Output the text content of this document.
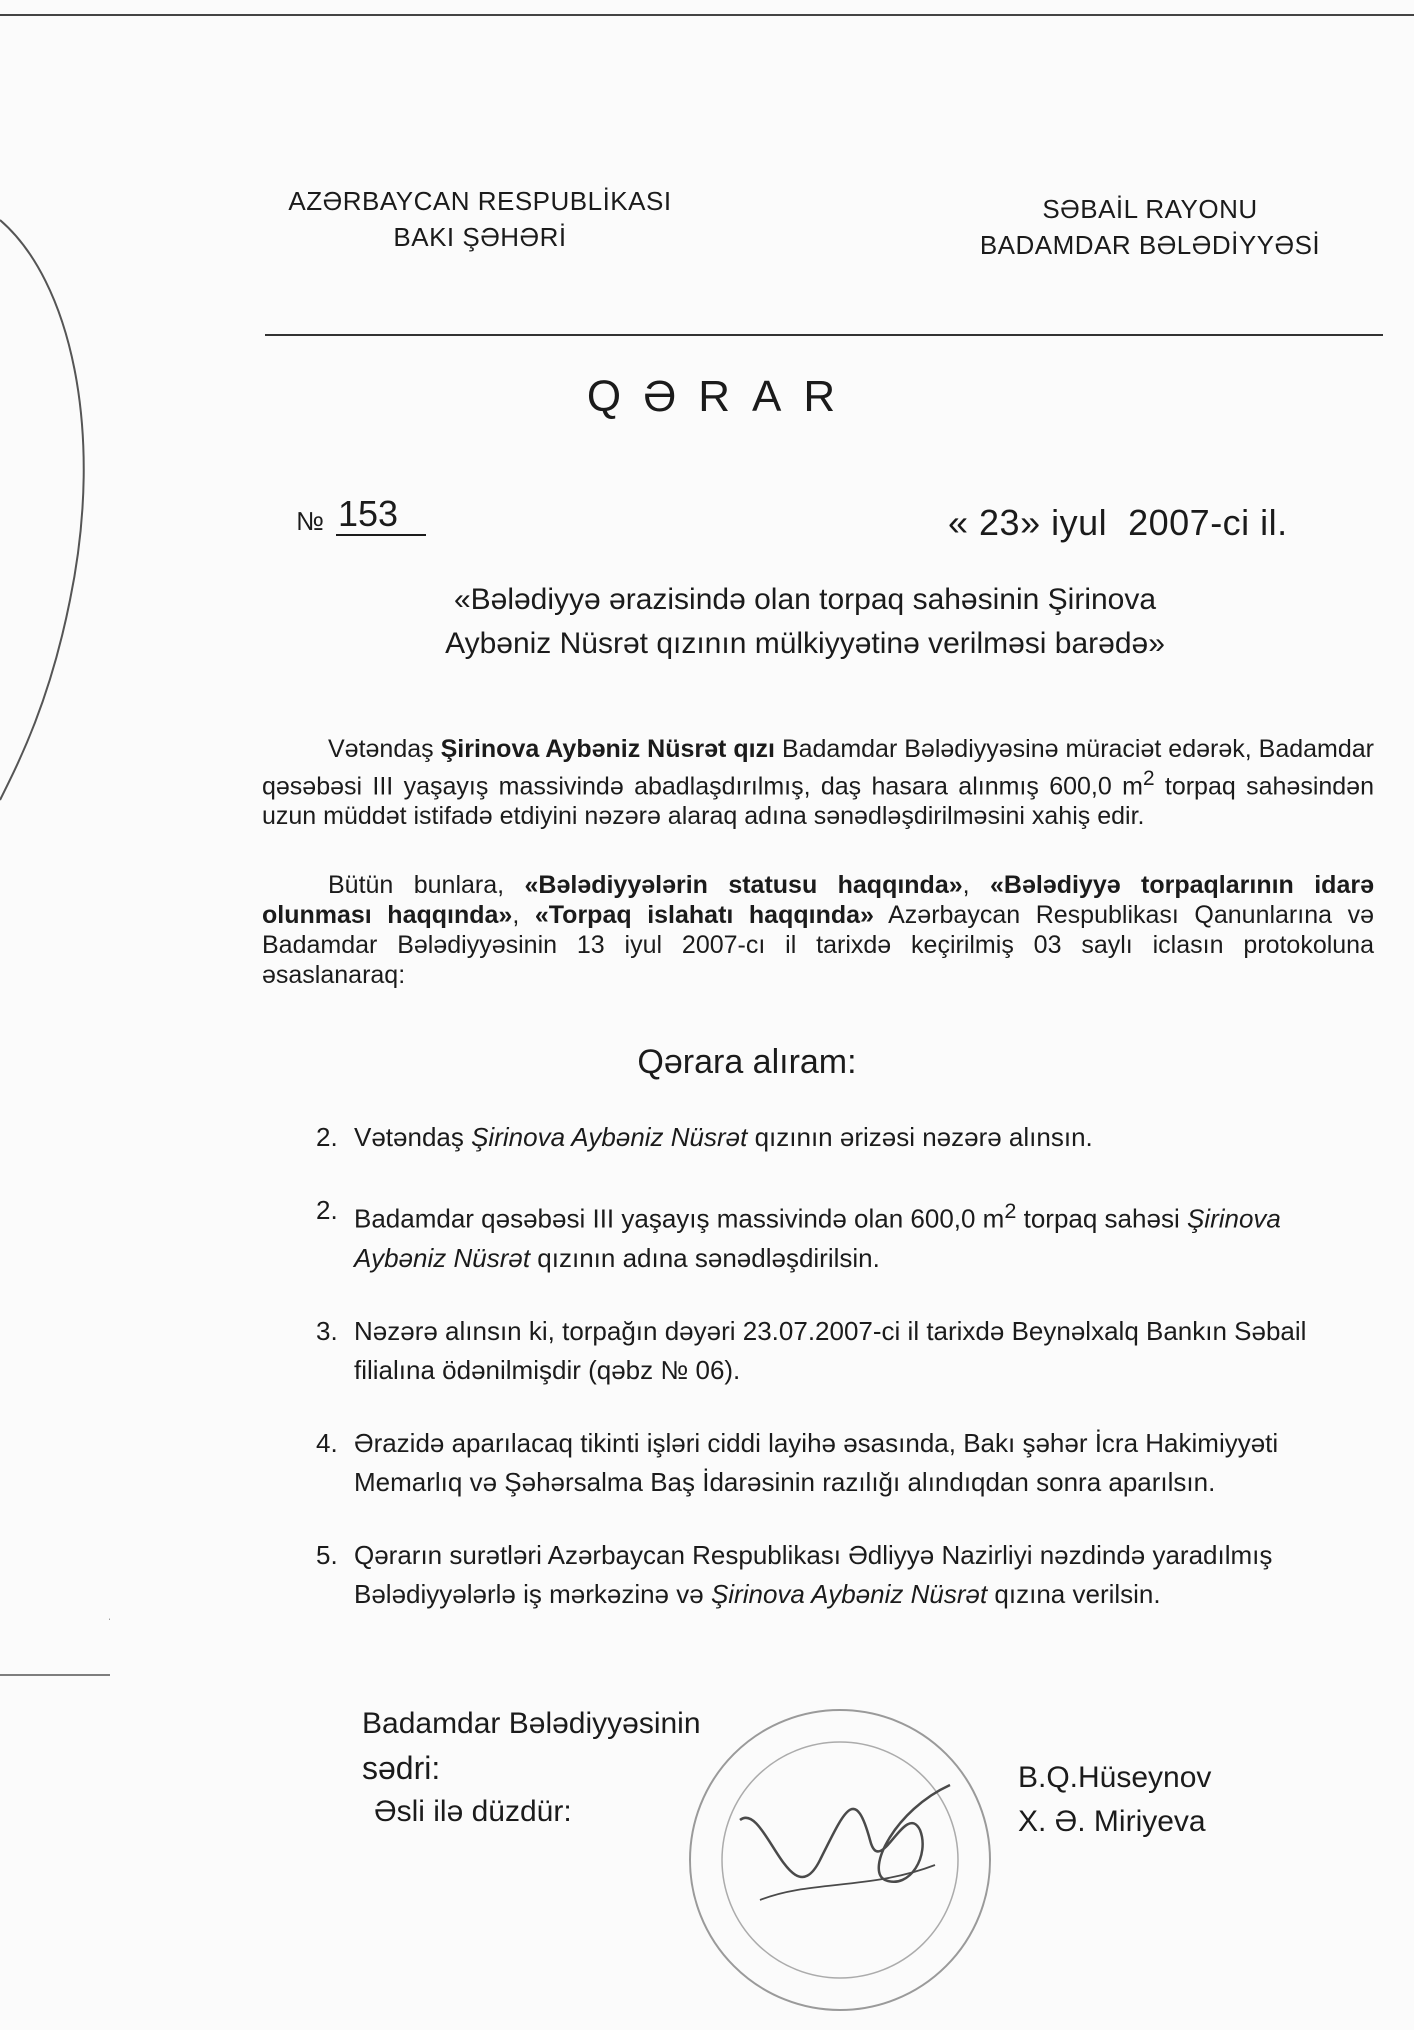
AZƏRBAYCAN RESPUBLİKASI
BAKI ŞƏHƏRİ
SƏBAİL RAYONU
BADAMDAR BƏLƏDİYYƏSİ
QƏRAR
№ 153	« 23» iyul  2007-ci il.
«Bələdiyyə ərazisində olan torpaq sahəsinin Şirinova
Aybəniz Nüsrət qızının mülkiyyətinə verilməsi barədə»
Vətəndaş Şirinova Aybəniz Nüsrət qızı Badamdar Bələdiyyəsinə müraciət edərək, Badamdar qəsəbəsi III yaşayış massivində abadlaşdırılmış, daş hasara alınmış 600,0 $m^2$ torpaq sahəsindən uzun müddət istifadə etdiyini nəzərə alaraq adına sənədləşdirilməsini xahiş edir.
Bütün bunlara, «Bələdiyyələrin statusu haqqında», «Bələdiyyə torpaqlarının idarə olunması haqqında», «Torpaq islahatı haqqında» Azərbaycan Respublikası Qanunlarına və Badamdar Bələdiyyəsinin 13 iyul 2007-cı il tarixdə keçirilmiş 03 saylı iclasın protokoluna əsaslanaraq:
Qərara alıram:
2. Vətəndaş Şirinova Aybəniz Nüsrət qızının ərizəsi nəzərə alınsın.
2. Badamdar qəsəbəsi III yaşayış massivində olan 600,0 $m^2$ torpaq sahəsi Şirinova Aybəniz Nüsrət qızının adına sənədləşdirilsin.
3. Nəzərə alınsın ki, torpağın dəyəri 23.07.2007-ci il tarixdə Beynəlxalq Bankın Səbail filialına ödənilmişdir (qəbz № 06).
4. Ərazidə aparılacaq tikinti işləri ciddi layihə əsasında, Bakı şəhər İcra Hakimiyyəti Memarlıq və Şəhərsalma Baş İdarəsinin razılığı alındıqdan sonra aparılsın.
5. Qərarın surətləri Azərbaycan Respublikası Ədliyyə Nazirliyi nəzdində yaradılmış Bələdiyyələrlə iş mərkəzinə və Şirinova Aybəniz Nüsrət qızına verilsin.
Badamdar Bələdiyyəsinin
sədri:
Əsli ilə düzdür:
B.Q.Hüseynov
X. Ə. Miriyeva
